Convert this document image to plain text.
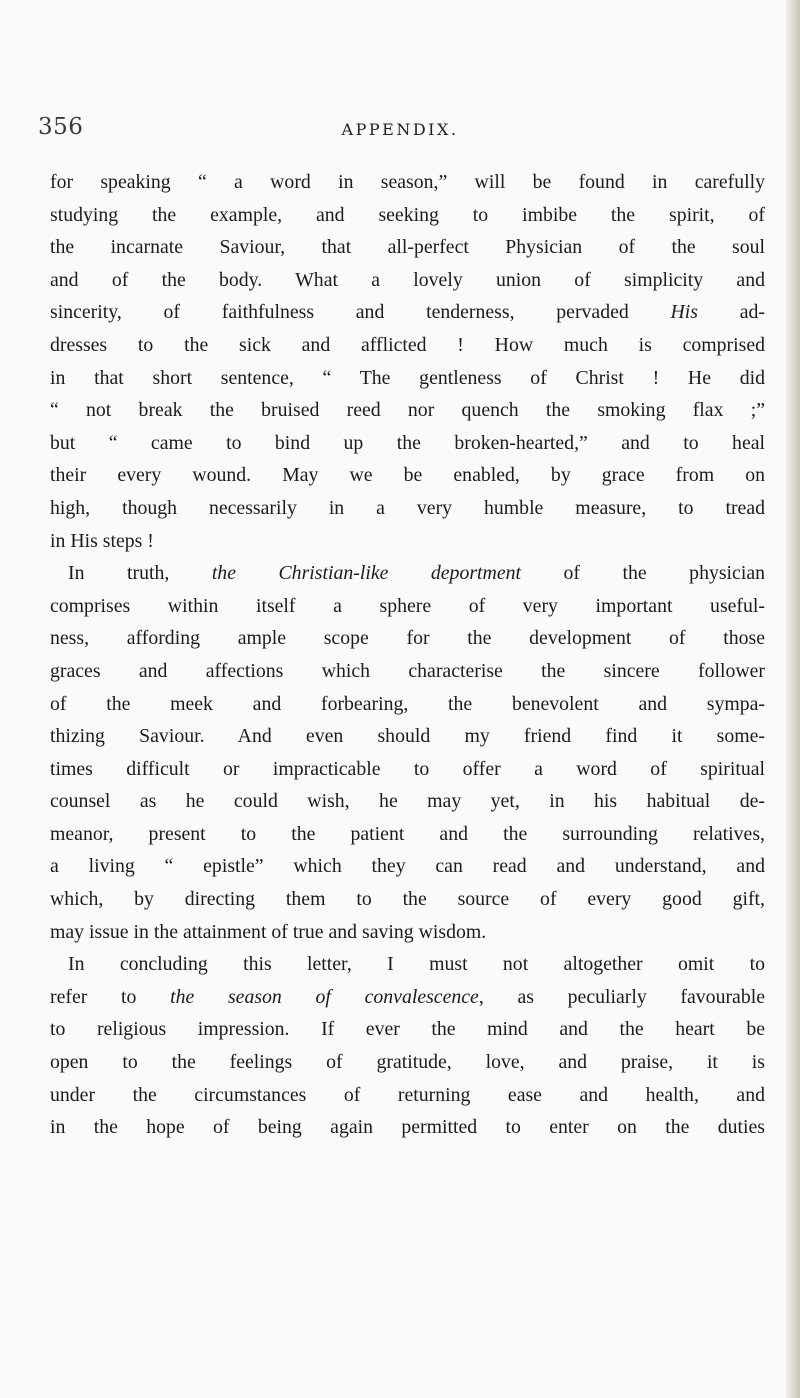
356	APPENDIX.
for speaking “ a word in season,” will be found in carefully
studying the example, and seeking to imbibe the spirit, of
the incarnate Saviour, that all-perfect Physician of the soul
and of the body. What a lovely union of simplicity and
sincerity, of faithfulness and tenderness, pervaded His ad-
dresses to the sick and afflicted ! How much is comprised
in that short sentence, “ The gentleness of Christ ! He did
“ not break the bruised reed nor quench the smoking flax ;”
but “ came to bind up the broken-hearted,” and to heal
their every wound. May we be enabled, by grace from on
high, though necessarily in a very humble measure, to tread
in His steps !
In truth, the Christian-like deportment of the physician
comprises within itself a sphere of very important useful-
ness, affording ample scope for the development of those
graces and affections which characterise the sincere follower
of the meek and forbearing, the benevolent and sympa-
thizing Saviour. And even should my friend find it some-
times difficult or impracticable to offer a word of spiritual
counsel as he could wish, he may yet, in his habitual de-
meanor, present to the patient and the surrounding relatives,
a living “ epistle” which they can read and understand, and
which, by directing them to the source of every good gift,
may issue in the attainment of true and saving wisdom.
In concluding this letter, I must not altogether omit to
refer to the season of convalescence, as peculiarly favourable
to religious impression. If ever the mind and the heart be
open to the feelings of gratitude, love, and praise, it is
under the circumstances of returning ease and health, and
in the hope of being again permitted to enter on the duties
